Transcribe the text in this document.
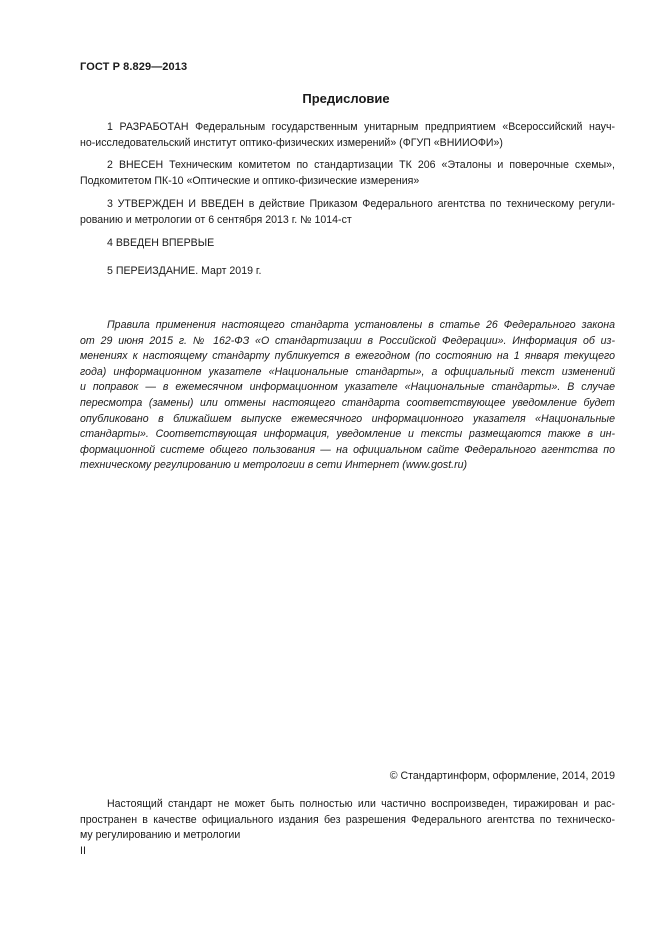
ГОСТ Р 8.829—2013
Предисловие
1 РАЗРАБОТАН Федеральным государственным унитарным предприятием «Всероссийский науч-
но-исследовательский институт оптико-физических измерений» (ФГУП «ВНИИОФИ»)
2 ВНЕСЕН Техническим комитетом по стандартизации ТК 206 «Эталоны и поверочные схемы»,
Подкомитетом ПК-10 «Оптические и оптико-физические измерения»
3 УТВЕРЖДЕН И ВВЕДЕН в действие Приказом Федерального агентства по техническому регули-
рованию и метрологии от 6 сентября 2013 г. № 1014-ст
4 ВВЕДЕН ВПЕРВЫЕ
5 ПЕРЕИЗДАНИЕ. Март 2019 г.
Правила применения настоящего стандарта установлены в статье 26 Федерального закона
от 29 июня 2015 г. № 162-ФЗ «О стандартизации в Российской Федерации». Информация об из-
менениях к настоящему стандарту публикуется в ежегодном (по состоянию на 1 января текущего
года) информационном указателе «Национальные стандарты», а официальный текст изменений
и поправок — в ежемесячном информационном указателе «Национальные стандарты». В случае
пересмотра (замены) или отмены настоящего стандарта соответствующее уведомление будет
опубликовано в ближайшем выпуске ежемесячного информационного указателя «Национальные
стандарты». Соответствующая информация, уведомление и тексты размещаются также в ин-
формационной системе общего пользования — на официальном сайте Федерального агентства по
техническому регулированию и метрологии в сети Интернет (www.gost.ru)
© Стандартинформ, оформление, 2014, 2019
Настоящий стандарт не может быть полностью или частично воспроизведен, тиражирован и рас-
пространен в качестве официального издания без разрешения Федерального агентства по техническо-
му регулированию и метрологии
II
